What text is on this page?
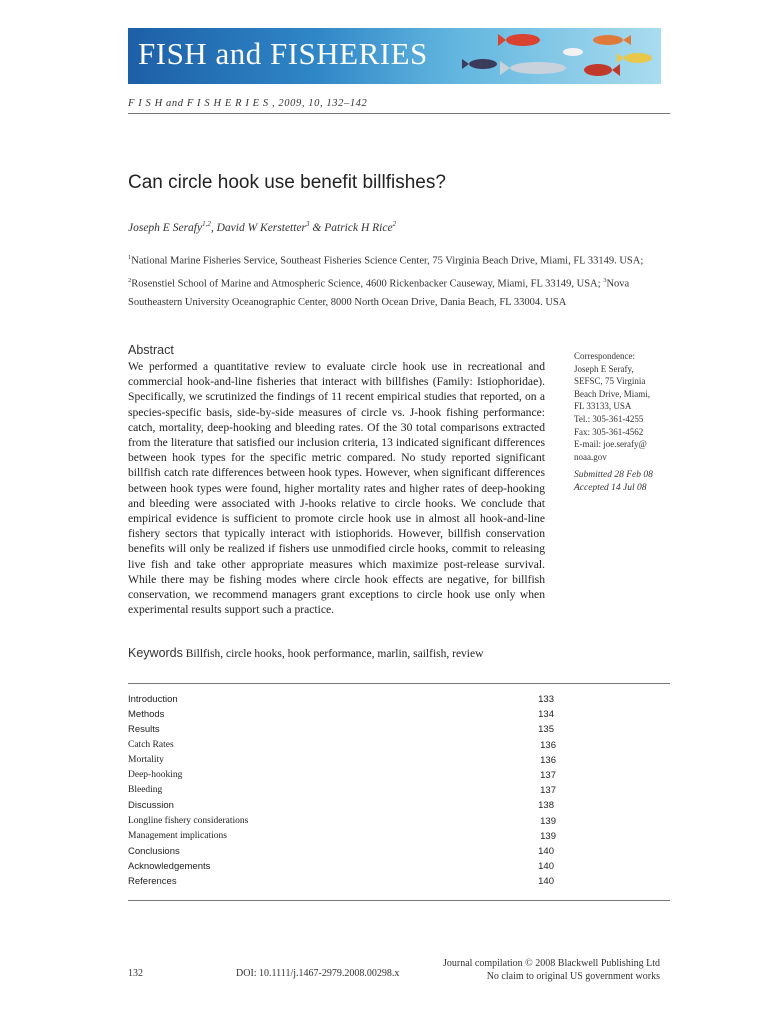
FISH and FISHERIES
F I S H and F I S H E R I E S , 2009, 10, 132–142
Can circle hook use benefit billfishes?
Joseph E Serafy$^{1,2}$, David W Kerstetter$^3$ & Patrick H Rice$^2$
$^1$National Marine Fisheries Service, Southeast Fisheries Science Center, 75 Virginia Beach Drive, Miami, FL 33149. USA; $^2$Rosenstiel School of Marine and Atmospheric Science, 4600 Rickenbacker Causeway, Miami, FL 33149, USA; $^3$Nova Southeastern University Oceanographic Center, 8000 North Ocean Drive, Dania Beach, FL 33004. USA
Abstract

We performed a quantitative review to evaluate circle hook use in recreational and commercial hook-and-line fisheries that interact with billfishes (Family: Istiophoridae). Specifically, we scrutinized the findings of 11 recent empirical studies that reported, on a species-specific basis, side-by-side measures of circle vs. J-hook fishing performance: catch, mortality, deep-hooking and bleeding rates. Of the 30 total comparisons extracted from the literature that satisfied our inclusion criteria, 13 indicated significant differences between hook types for the specific metric compared. No study reported significant billfish catch rate differences between hook types. However, when significant differences between hook types were found, higher mortality rates and higher rates of deep-hooking and bleeding were associated with J-hooks relative to circle hooks. We conclude that empirical evidence is sufficient to promote circle hook use in almost all hook-and-line fishery sectors that typically interact with istiophorids. However, billfish conservation benefits will only be realized if fishers use unmodified circle hooks, commit to releasing live fish and take other appropriate measures which maximize post-release survival. While there may be fishing modes where circle hook effects are negative, for billfish conservation, we recommend managers grant exceptions to circle hook use only when experimental results support such a practice.

Correspondence:
Joseph E Serafy,
SEFSC, 75 Virginia
Beach Drive, Miami,
FL 33133, USA
Tel.: 305-361-4255
Fax: 305-361-4562
E-mail: joe.serafy@
noaa.gov
Submitted 28 Feb 08
Accepted 14 Jul 08
Keywords Billfish, circle hooks, hook performance, marlin, sailfish, review
Introduction	133
Methods	134
Results	135
Catch Rates	136
Mortality	136
Deep-hooking	137
Bleeding	137
Discussion	138
Longline fishery considerations	139
Management implications	139
Conclusions	140
Acknowledgements	140
References	140
132	DOI: 10.1111/j.1467-2979.2008.00298.x
Journal compilation © 2008 Blackwell Publishing Ltd
No claim to original US government works
